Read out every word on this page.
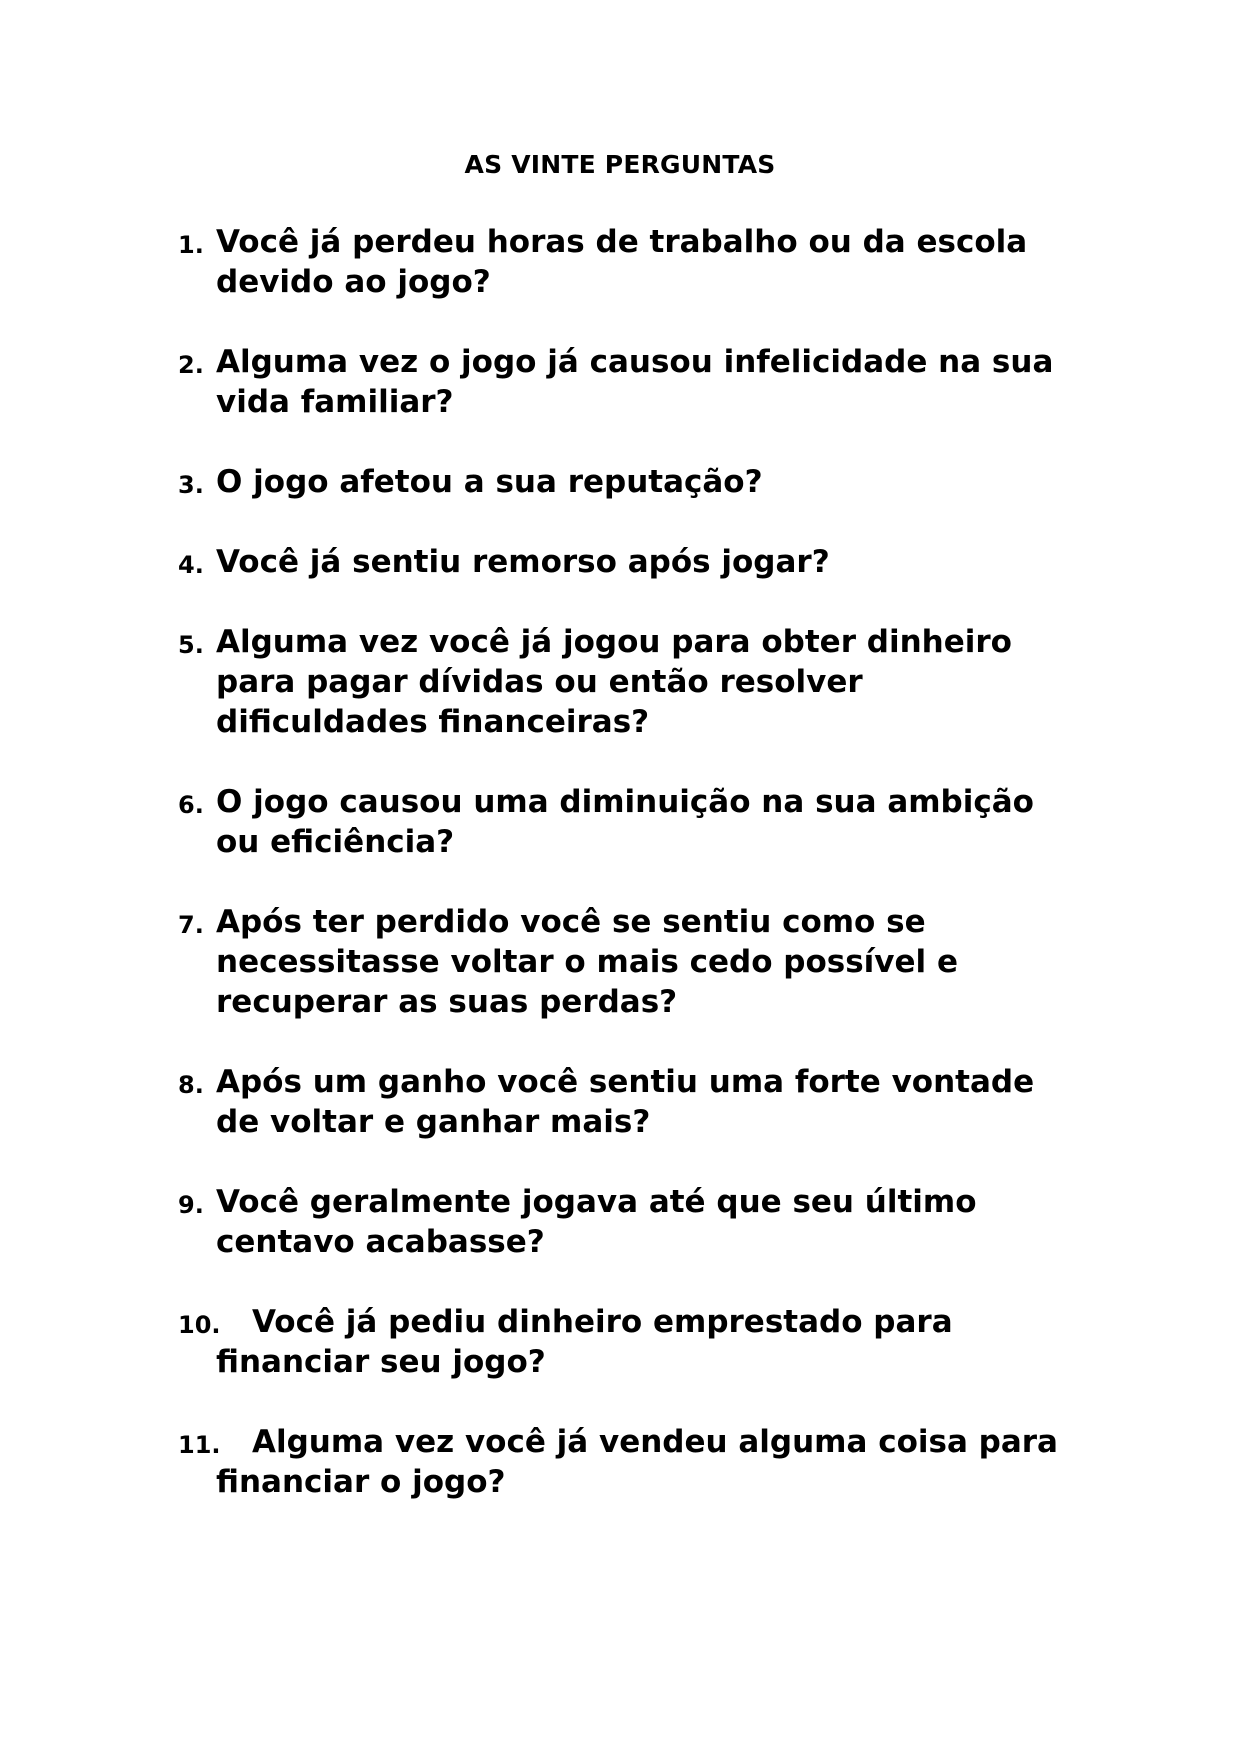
AS VINTE PERGUNTAS
1. Você já perdeu horas de trabalho ou da escola devido ao jogo?
2. Alguma vez o jogo já causou infelicidade na sua vida familiar?
3. O jogo afetou a sua reputação?
4. Você já sentiu remorso após jogar?
5. Alguma vez você já jogou para obter dinheiro para pagar dívidas ou então resolver dificuldades financeiras?
6. O jogo causou uma diminuição na sua ambição ou eficiência?
7. Após ter perdido você se sentiu como se necessitasse voltar o mais cedo possível e recuperar as suas perdas?
8. Após um ganho você sentiu uma forte vontade de voltar e ganhar mais?
9. Você geralmente jogava até que seu último centavo acabasse?
10.	Você já pediu dinheiro emprestado para financiar seu jogo?
11.	Alguma vez você já vendeu alguma coisa para financiar o jogo?
